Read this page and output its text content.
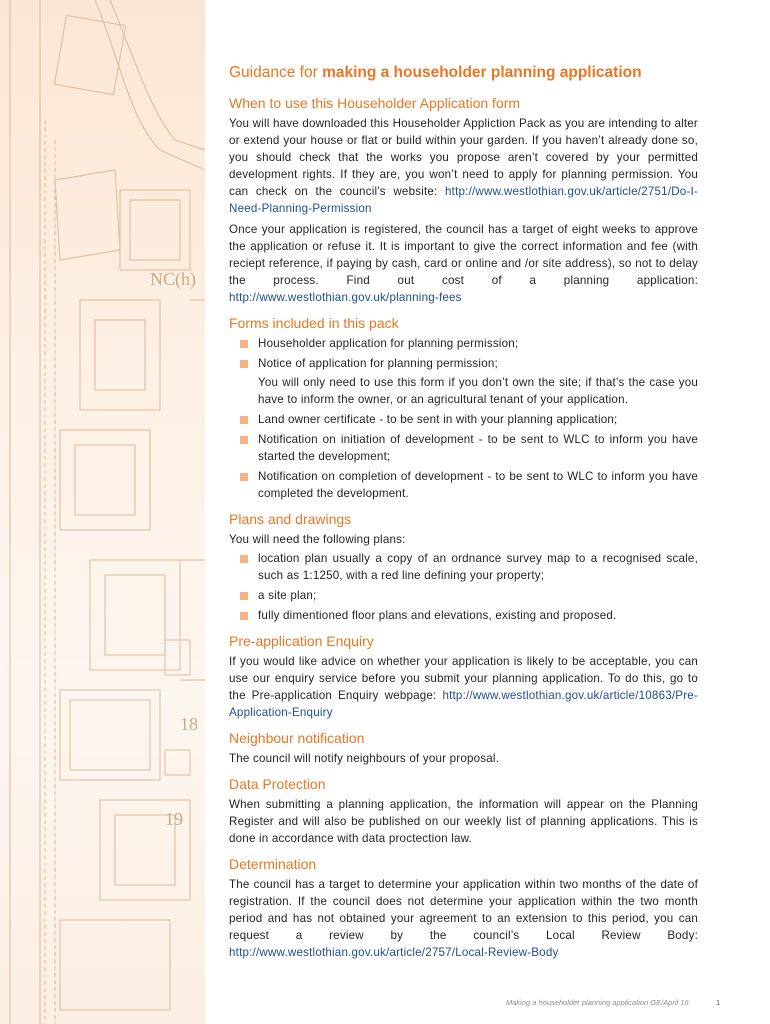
NC(h)
18
19
Guidance for making a householder planning application
When to use this Householder Application form

You will have downloaded this Householder Appliction Pack as you are intending to alter or extend your house or flat or build within your garden. If you haven’t already done so, you should check that the works you propose aren’t covered by your permitted development rights. If they are, you won’t need to apply for planning permission. You can check on the council’s website: http://www.westlothian.gov.uk/article/2751/Do-I-Need-Planning-Permission

Once your application is registered, the council has a target of eight weeks to approve the application or refuse it. It is important to give the correct information and fee (with reciept reference, if paying by cash, card or online and /or site address), so not to delay the process. Find out cost of a planning application: http://www.westlothian.gov.uk/planning-fees

Forms included in this pack
Householder application for planning permission;
Notice of application for planning permission;
You will only need to use this form if you don’t own the site; if that’s the case you have to inform the owner, or an agricultural tenant of your application.
Land owner certificate - to be sent in with your planning application;
Notification on initiation of development - to be sent to WLC to inform you have started the development;
Notification on completion of development - to be sent to WLC to inform you have completed the development.
Plans and drawings

You will need the following plans:

location plan usually a copy of an ordnance survey map to a recognised scale, such as 1:1250, with a red line defining your property;
a site plan;
fully dimentioned floor plans and elevations, existing and proposed.
Pre-application Enquiry

If you would like advice on whether your application is likely to be acceptable, you can use our enquiry service before you submit your planning application. To do this, go to the Pre-application Enquiry webpage: http://www.westlothian.gov.uk/article/10863/Pre-Application-Enquiry

Neighbour notification

The council will notify neighbours of your proposal.

Data Protection

When submitting a planning application, the information will appear on the Planning Register and will also be published on our weekly list of planning applications. This is done in accordance with data proctection law.

Determination

The council has a target to determine your application within two months of the date of registration. If the council does not determine your application within the two month period and has not obtained your agreement to an extension to this period, you can request a review by the council’s Local Review Body: http://www.westlothian.gov.uk/article/2757/Local-Review-Body

Making a householder planning application GE/April 16	1
